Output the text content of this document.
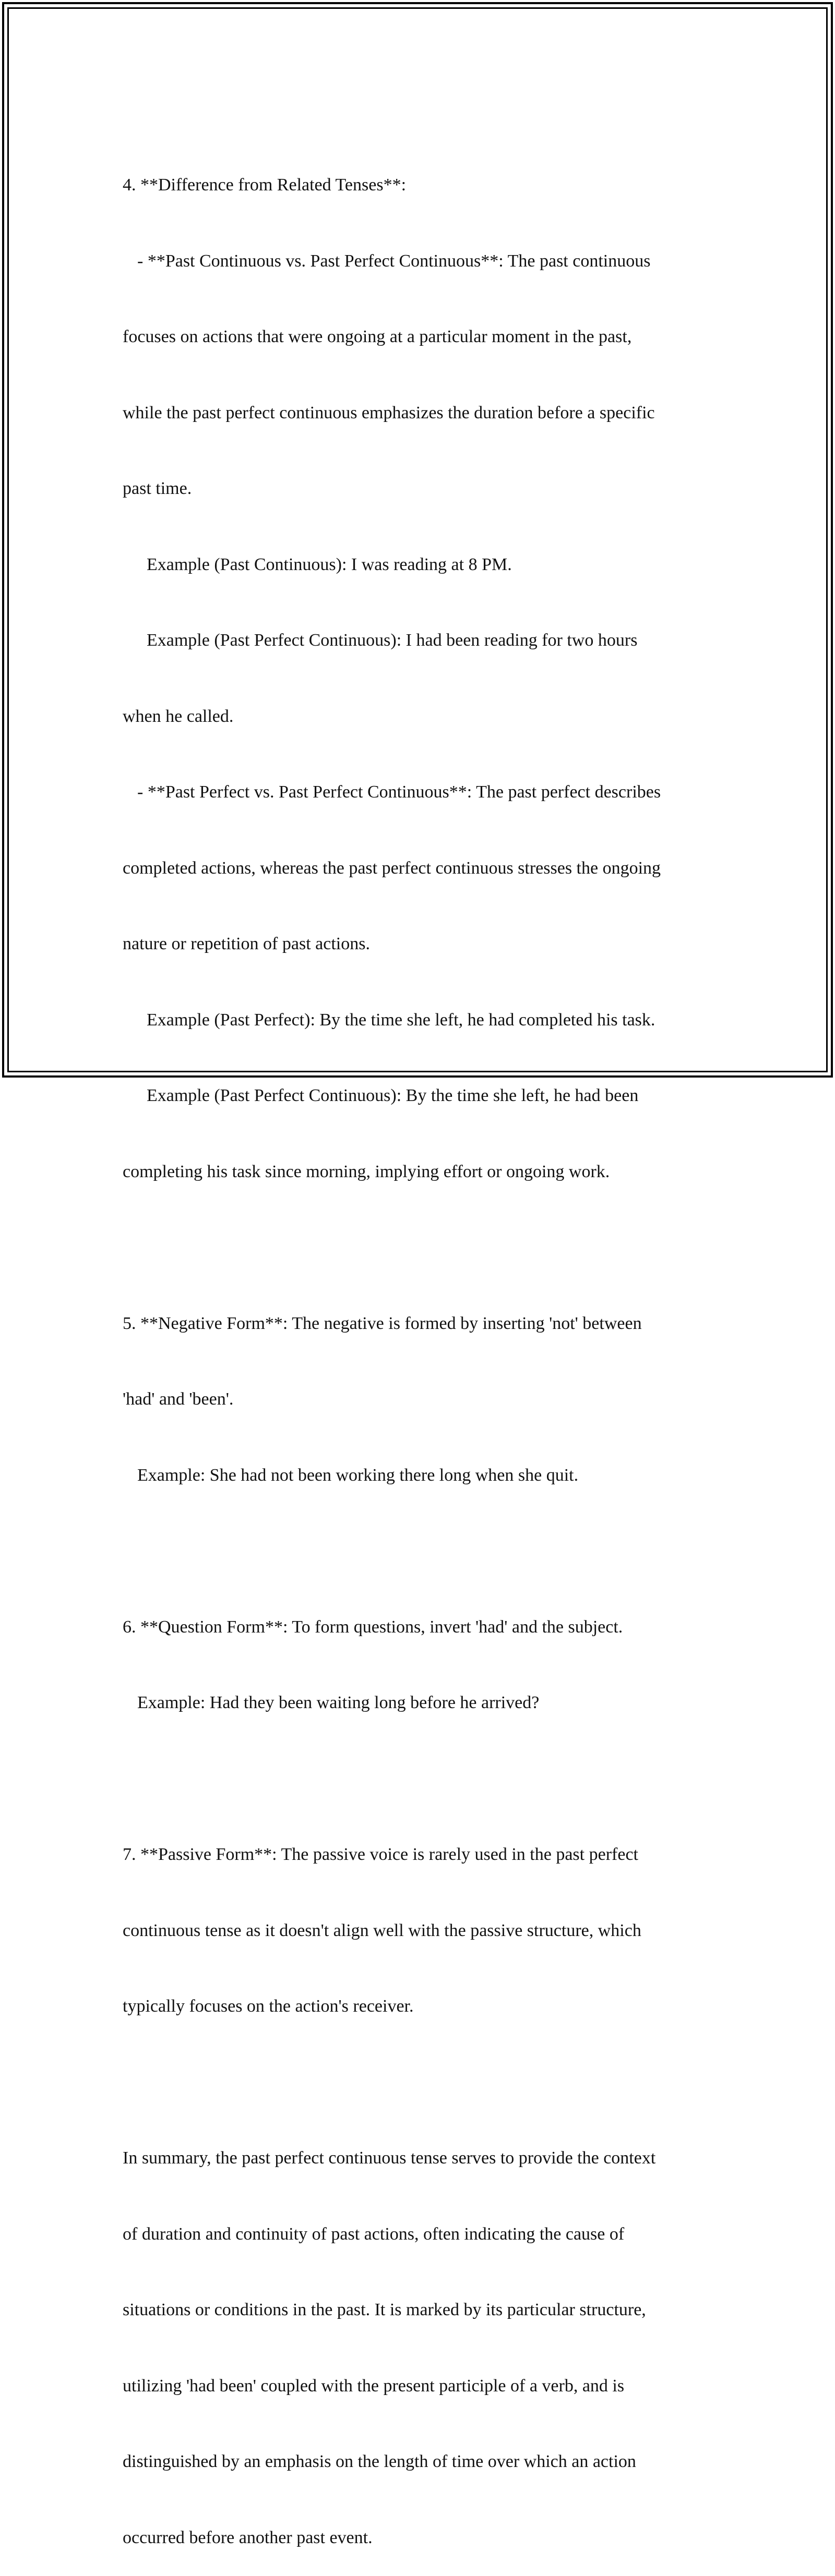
4. **Difference from Related Tenses**:

- **Past Continuous vs. Past Perfect Continuous**: The past continuous

focuses on actions that were ongoing at a particular moment in the past,

while the past perfect continuous emphasizes the duration before a specific

past time.

Example (Past Continuous): I was reading at 8 PM.

Example (Past Perfect Continuous): I had been reading for two hours

when he called.

- **Past Perfect vs. Past Perfect Continuous**: The past perfect describes

completed actions, whereas the past perfect continuous stresses the ongoing

nature or repetition of past actions.

Example (Past Perfect): By the time she left, he had completed his task.

Example (Past Perfect Continuous): By the time she left, he had been

completing his task since morning, implying effort or ongoing work.

5. **Negative Form**: The negative is formed by inserting 'not' between

'had' and 'been'.

Example: She had not been working there long when she quit.

6. **Question Form**: To form questions, invert 'had' and the subject.

Example: Had they been waiting long before he arrived?

7. **Passive Form**: The passive voice is rarely used in the past perfect

continuous tense as it doesn't align well with the passive structure, which

typically focuses on the action's receiver.

In summary, the past perfect continuous tense serves to provide the context

of duration and continuity of past actions, often indicating the cause of

situations or conditions in the past. It is marked by its particular structure,

utilizing 'had been' coupled with the present participle of a verb, and is

distinguished by an emphasis on the length of time over which an action

occurred before another past event.
